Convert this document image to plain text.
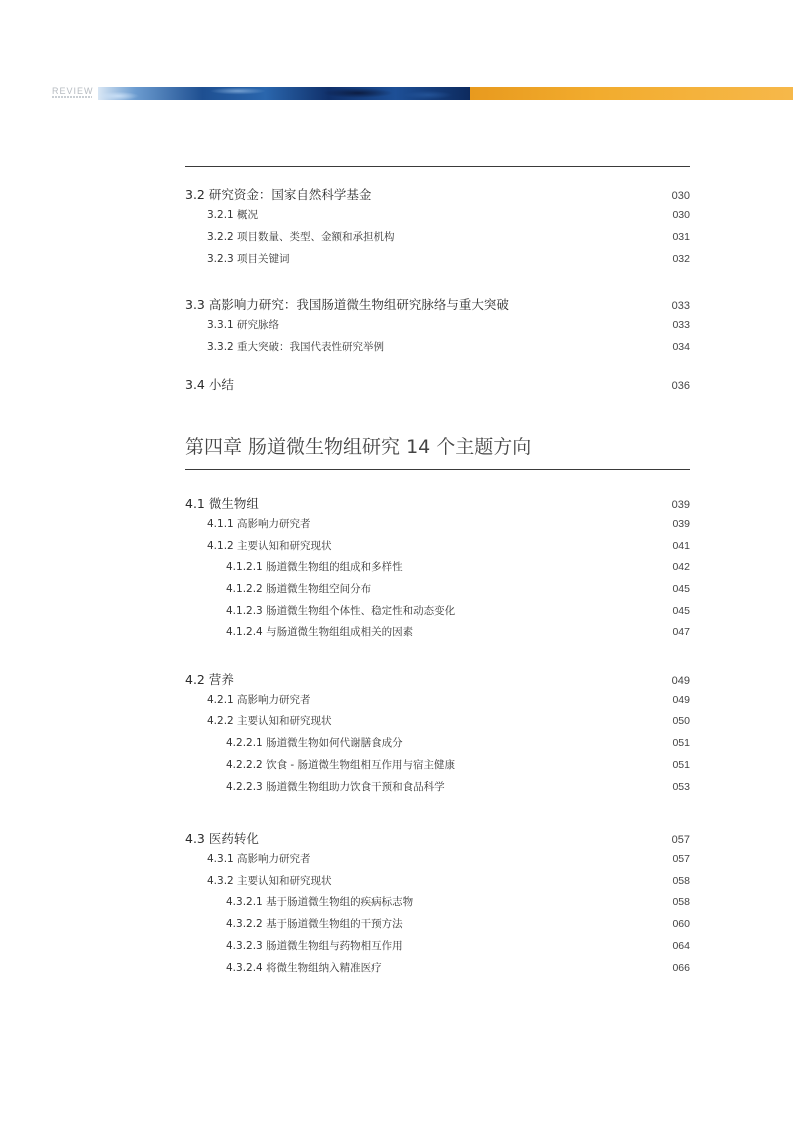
REVIEW
第四章 肠道微生物组研究 14 个主题方向
3.2 研究资金：国家自然科学基金	030
3.2.1 概况	030
3.2.2 项目数量、类型、金额和承担机构	031
3.2.3 项目关键词	032
3.3 高影响力研究：我国肠道微生物组研究脉络与重大突破	033
3.3.1 研究脉络	033
3.3.2 重大突破：我国代表性研究举例	034
3.4 小结	036
4.1 微生物组	039
4.1.1 高影响力研究者	039
4.1.2 主要认知和研究现状	041
4.1.2.1 肠道微生物组的组成和多样性	042
4.1.2.2 肠道微生物组空间分布	045
4.1.2.3 肠道微生物组个体性、稳定性和动态变化	045
4.1.2.4 与肠道微生物组组成相关的因素	047
4.2 营养	049
4.2.1 高影响力研究者	049
4.2.2 主要认知和研究现状	050
4.2.2.1 肠道微生物如何代谢膳食成分	051
4.2.2.2 饮食 - 肠道微生物组相互作用与宿主健康	051
4.2.2.3 肠道微生物组助力饮食干预和食品科学	053
4.3 医药转化	057
4.3.1 高影响力研究者	057
4.3.2 主要认知和研究现状	058
4.3.2.1 基于肠道微生物组的疾病标志物	058
4.3.2.2 基于肠道微生物组的干预方法	060
4.3.2.3 肠道微生物组与药物相互作用	064
4.3.2.4 将微生物组纳入精准医疗	066
